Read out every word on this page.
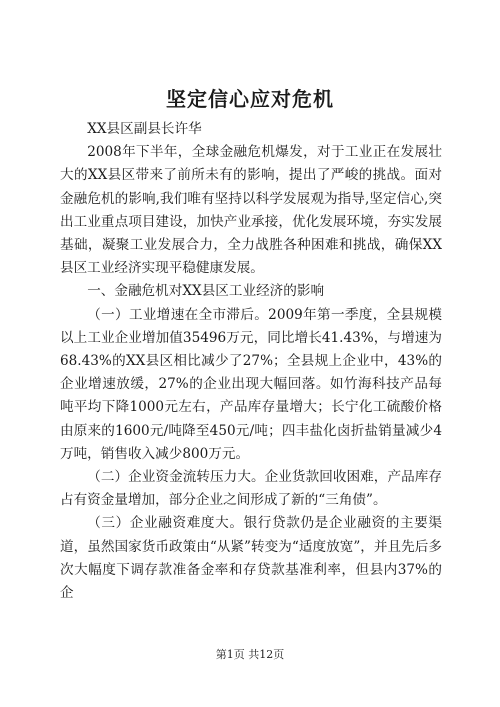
坚定信心应对危机

XX县区副县长许华

2008年下半年，全球金融危机爆发，对于工业正在发展壮大的XX县区带来了前所未有的影响，提出了严峻的挑战。面对金融危机的影响,我们唯有坚持以科学发展观为指导,坚定信心,突出工业重点项目建设，加快产业承接，优化发展环境，夯实发展基础，凝聚工业发展合力，全力战胜各种困难和挑战，确保XX县区工业经济实现平稳健康发展。

一、金融危机对XX县区工业经济的影响

（一）工业增速在全市滞后。2009年第一季度，全县规模以上工业企业增加值35496万元，同比增长41.43%，与增速为68.43%的XX县区相比减少了27%；全县规上企业中，43%的企业增速放缓，27%的企业出现大幅回落。如竹海科技产品每吨平均下降1000元左右，产品库存量增大；长宁化工硫酸价格由原来的1600元/吨降至450元/吨；四丰盐化卤折盐销量减少4万吨，销售收入减少800万元。

（二）企业资金流转压力大。企业货款回收困难，产品库存占有资金量增加，部分企业之间形成了新的“三角债”。

（三）企业融资难度大。银行贷款仍是企业融资的主要渠道，虽然国家货币政策由“从紧”转变为“适度放宽”，并且先后多次大幅度下调存款准备金率和存贷款基准利率，但县内37%的企

第1页 共12页
